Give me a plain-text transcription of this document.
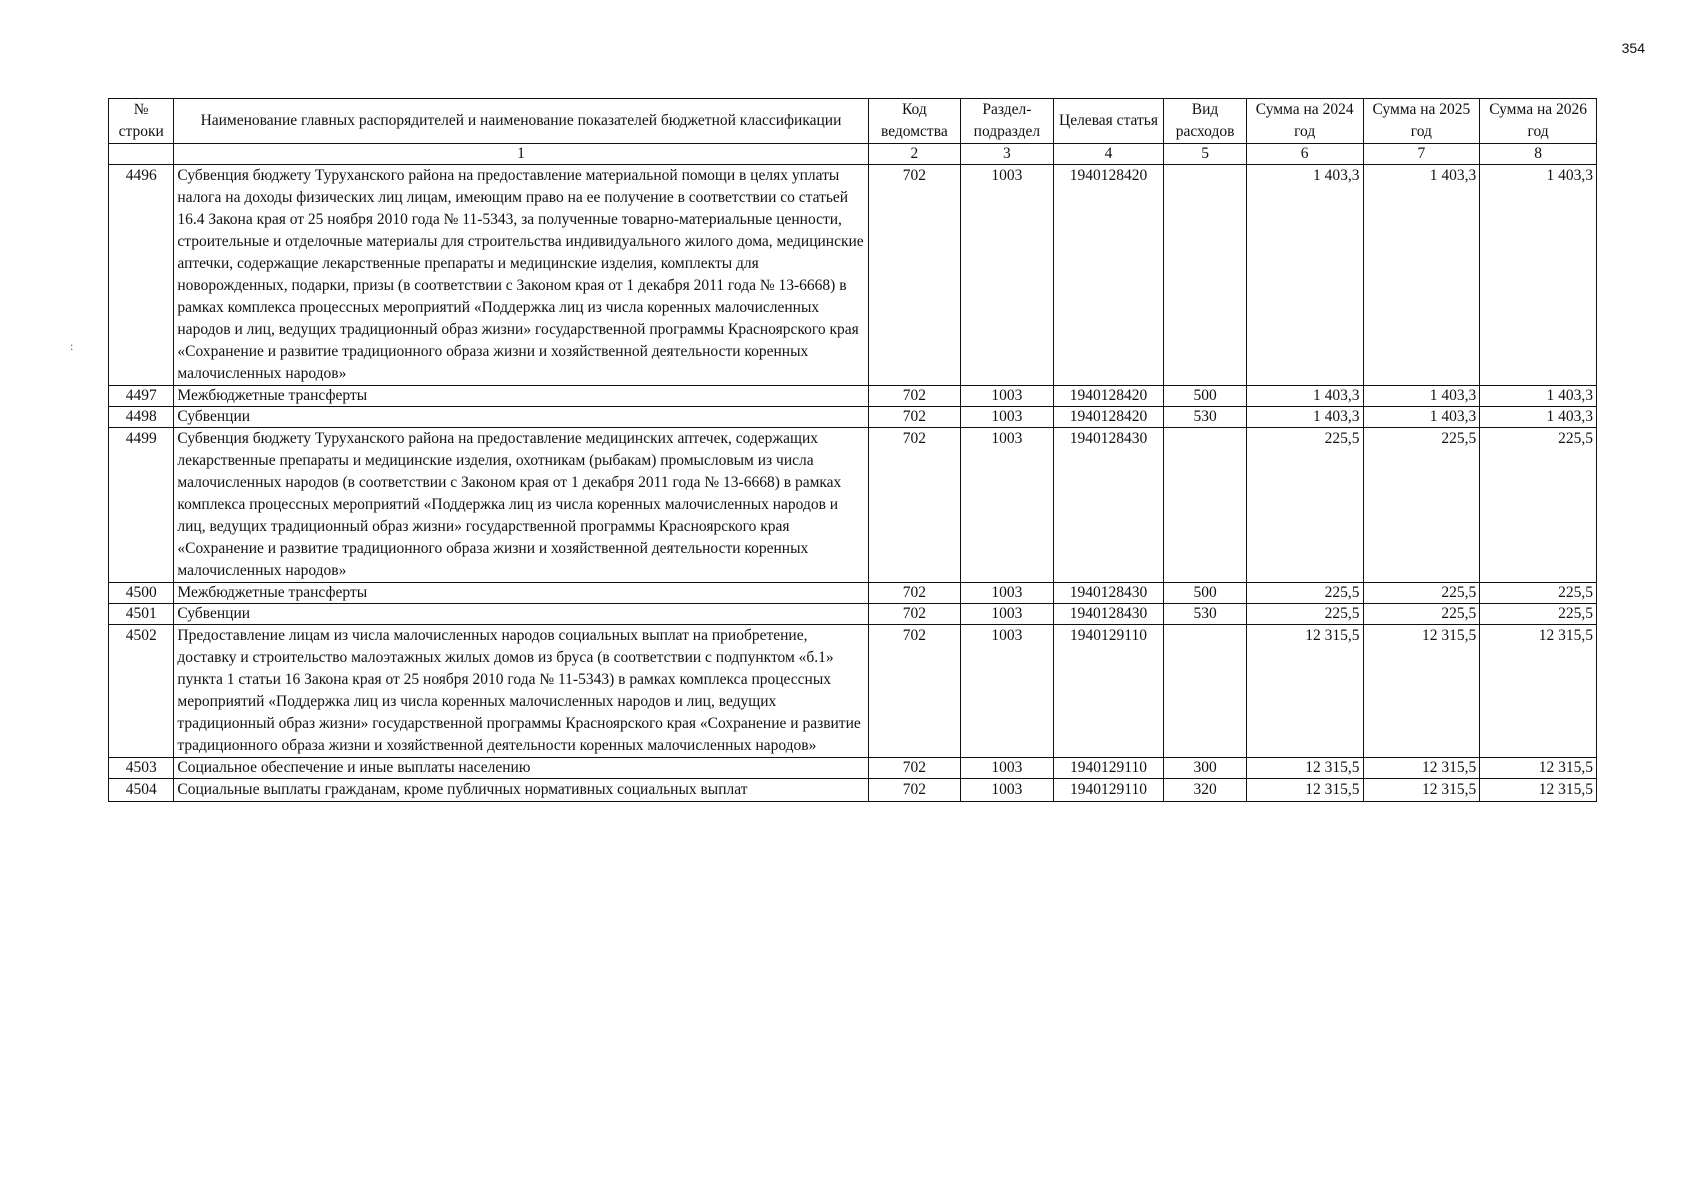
354
:
№ строки	Наименование главных распорядителей и наименование показателей бюджетной классификации	Код ведомства	Раздел-подраздел	Целевая статья	Вид расходов	Сумма на 2024 год	Сумма на 2025 год	Сумма на 2026 год
	1	2	3	4	5	6	7	8
4496	Субвенция бюджету Туруханского района на предоставление материальной помощи в целях уплаты налога на доходы физических лиц лицам, имеющим право на ее получение в соответствии со статьей 16.4 Закона края от 25 ноября 2010 года № 11-5343, за полученные товарно-материальные ценности, строительные и отделочные материалы для строительства индивидуального жилого дома, медицинские аптечки, содержащие лекарственные препараты и медицинские изделия, комплекты для новорожденных, подарки, призы (в соответствии с Законом края от 1 декабря 2011 года № 13-6668) в рамках комплекса процессных мероприятий «Поддержка лиц из числа коренных малочисленных народов и лиц, ведущих традиционный образ жизни» государственной программы Красноярского края «Сохранение и развитие традиционного образа жизни и хозяйственной деятельности коренных малочисленных народов»	702	1003	1940128420		1 403,3	1 403,3	1 403,3
4497	Межбюджетные трансферты	702	1003	1940128420	500	1 403,3	1 403,3	1 403,3
4498	Субвенции	702	1003	1940128420	530	1 403,3	1 403,3	1 403,3
4499	Субвенция бюджету Туруханского района на предоставление медицинских аптечек, содержащих лекарственные препараты и медицинские изделия, охотникам (рыбакам) промысловым из числа малочисленных народов (в соответствии с Законом края от 1 декабря 2011 года № 13-6668) в рамках комплекса процессных мероприятий «Поддержка лиц из числа коренных малочисленных народов и лиц, ведущих традиционный образ жизни» государственной программы Красноярского края «Сохранение и развитие традиционного образа жизни и хозяйственной деятельности коренных малочисленных народов»	702	1003	1940128430		225,5	225,5	225,5
4500	Межбюджетные трансферты	702	1003	1940128430	500	225,5	225,5	225,5
4501	Субвенции	702	1003	1940128430	530	225,5	225,5	225,5
4502	Предоставление лицам из числа малочисленных народов социальных выплат на приобретение, доставку и строительство малоэтажных жилых домов из бруса (в соответствии с подпунктом «б.1» пункта 1 статьи 16 Закона края от 25 ноября 2010 года № 11-5343) в рамках комплекса процессных мероприятий «Поддержка лиц из числа коренных малочисленных народов и лиц, ведущих традиционный образ жизни» государственной программы Красноярского края «Сохранение и развитие традиционного образа жизни и хозяйственной деятельности коренных малочисленных народов»	702	1003	1940129110		12 315,5	12 315,5	12 315,5
4503	Социальное обеспечение и иные выплаты населению	702	1003	1940129110	300	12 315,5	12 315,5	12 315,5
4504	Социальные выплаты гражданам, кроме публичных нормативных социальных выплат	702	1003	1940129110	320	12 315,5	12 315,5	12 315,5
